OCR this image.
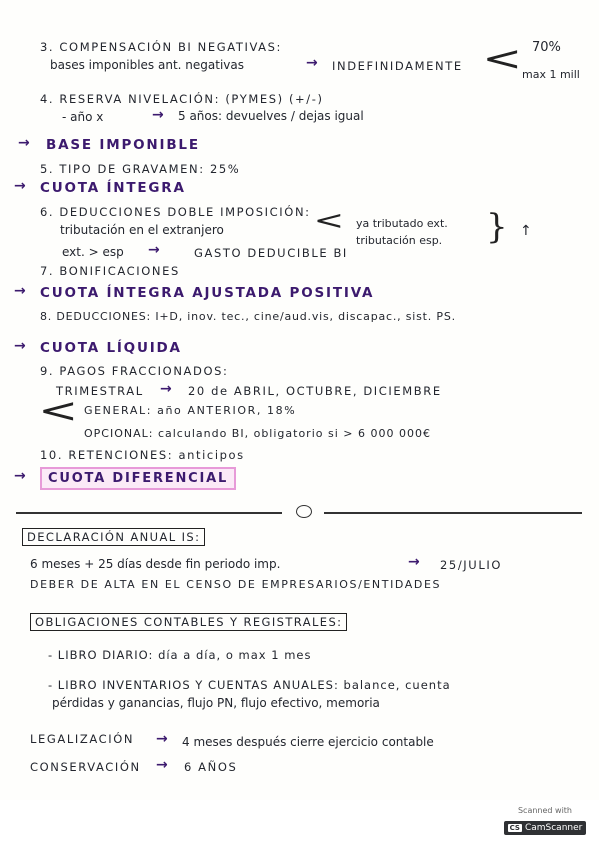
3. COMPENSACIÓN BI NEGATIVAS:	70%
bases imponibles ant. negativas	→ INDEFINIDAMENTE < max 1 mill
4. RESERVA NIVELACIÓN: (PYMES) (+/-)
- año x	→ 5 años: devuelves / dejas igual
→ BASE IMPONIBLE
5. TIPO DE GRAVAMEN: 25%
→ CUOTA ÍNTEGRA
6. DEDUCCIONES DOBLE IMPOSICIÓN:
tributación en el extranjero	< ya tributado ext.
tributación esp. } ↑
ext. > esp →	GASTO DEDUCIBLE BI
7. BONIFICACIONES
→ CUOTA ÍNTEGRA AJUSTADA POSITIVA
8. DEDUCCIONES: I+D, inov. tec., cine/aud.vis, discapac., sist. PS.
→ CUOTA LÍQUIDA
9. PAGOS FRACCIONADOS:
TRIMESTRAL → 20 de ABRIL, OCTUBRE, DICIEMBRE
< GENERAL: año ANTERIOR, 18%
OPCIONAL: calculando BI, obligatorio si > 6 000 000€
10. RETENCIONES: anticipos
→	CUOTA DIFERENCIAL
DECLARACIÓN ANUAL IS:
6 meses + 25 días desde fin periodo imp.	→ 25/JULIO
DEBER DE ALTA EN EL CENSO DE EMPRESARIOS/ENTIDADES
OBLIGACIONES CONTABLES Y REGISTRALES:
- LIBRO DIARIO: día a día, o max 1 mes
- LIBRO INVENTARIOS Y CUENTAS ANUALES: balance, cuenta
pérdidas y ganancias, flujo PN, flujo efectivo, memoria
LEGALIZACIÓN → 4 meses después cierre ejercicio contable
CONSERVACIÓN → 6 AÑOS
Scanned with
CS CamScanner
